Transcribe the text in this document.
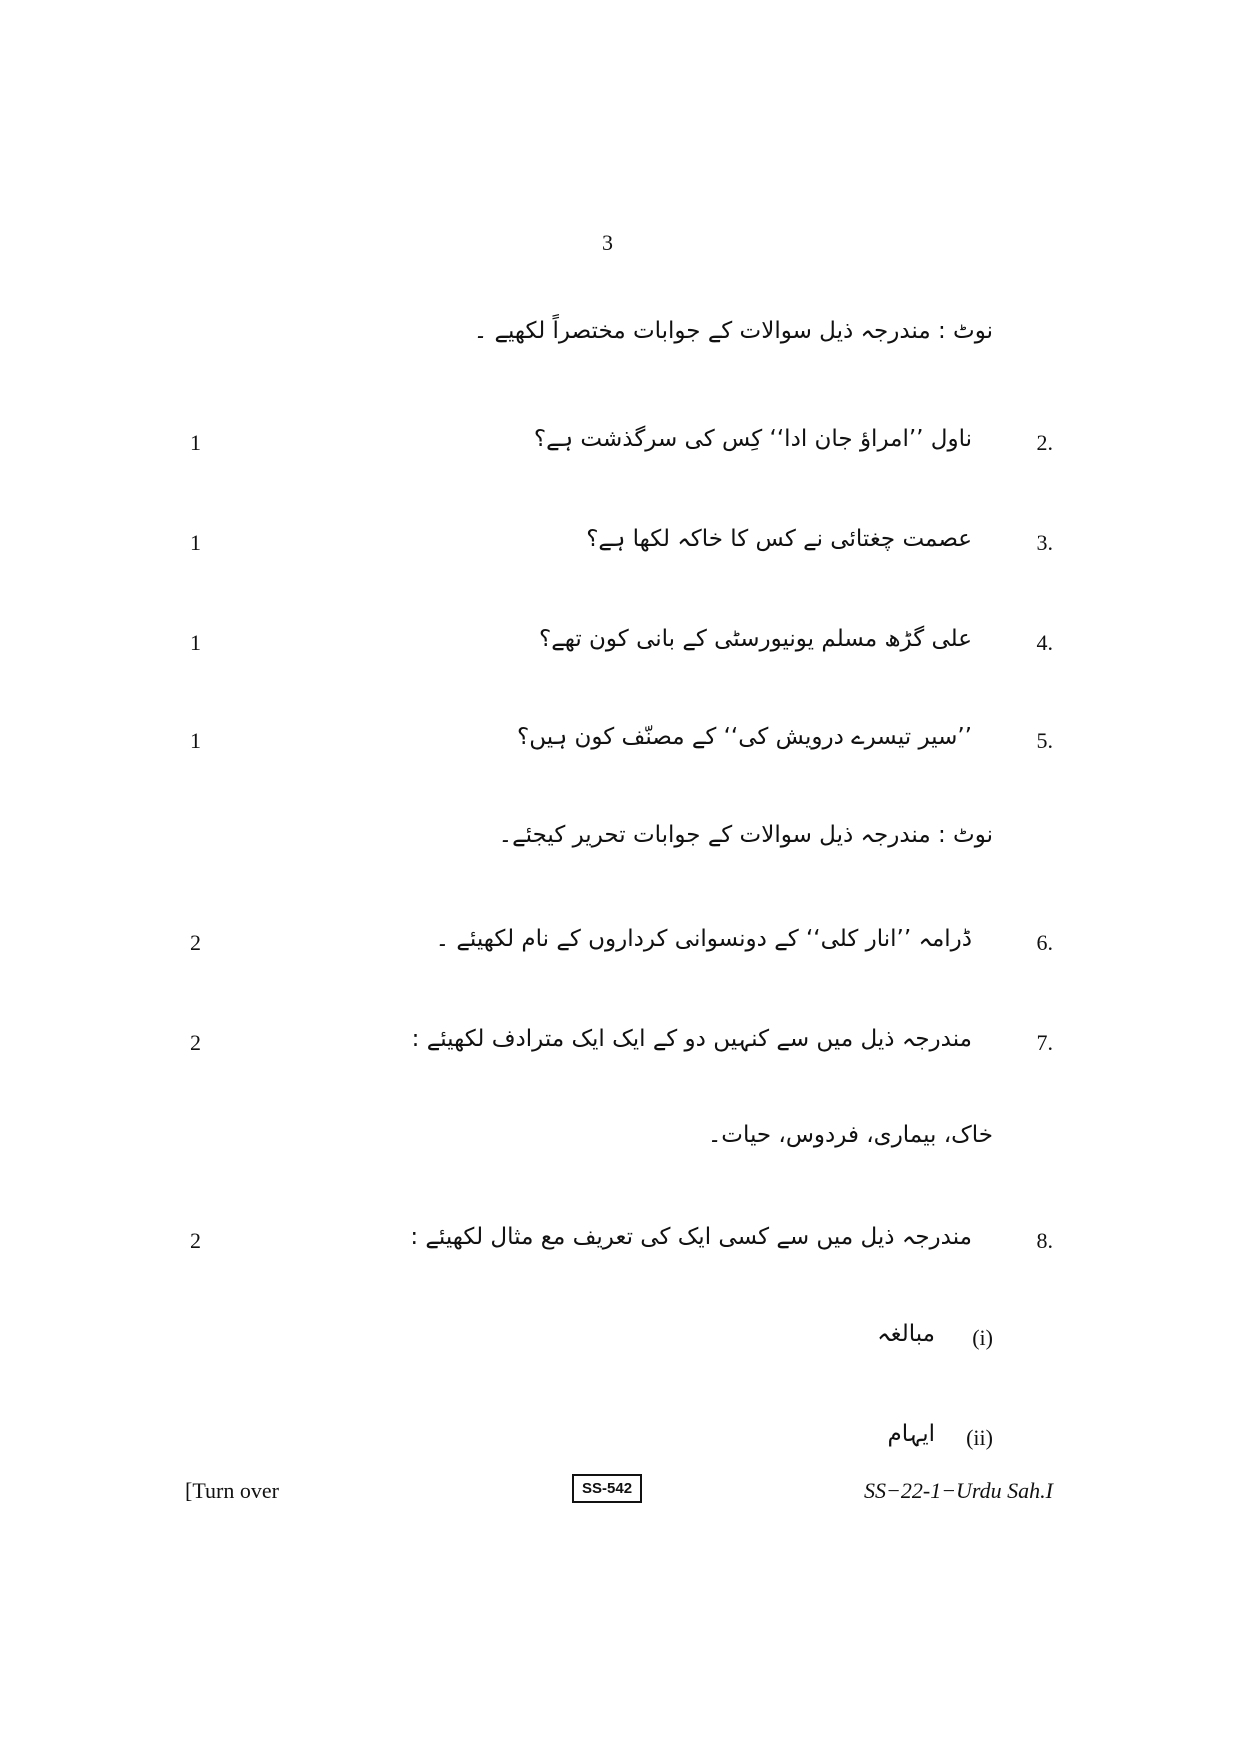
3
نوٹ : مندرجہ ذیل سوالات کے جوابات مختصراً لکھیے ۔
2.
ناول ’’امراؤ جان ادا‘‘ کِس کی سرگذشت ہے؟
1
3.
عصمت چغتائی نے کس کا خاکہ لکھا ہے؟
1
4.
علی گڑھ مسلم یونیورسٹی کے بانی کون تھے؟
1
5.
’’سیر تیسرے درویش کی‘‘ کے مصنّف کون ہیں؟
1
نوٹ : مندرجہ ذیل سوالات کے جوابات تحریر کیجئے۔
6.
ڈرامہ ’’انار کلی‘‘ کے دونسوانی کرداروں کے نام لکھیئے ۔
2
7.
مندرجہ ذیل میں سے کنہیں دو کے ایک ایک مترادف لکھیئے :
2
خاک، بیماری، فردوس، حیات۔
8.
مندرجہ ذیل میں سے کسی ایک کی تعریف مع مثال لکھیئے :
2
(i)
مبالغہ
(ii)
ایہام
[Turn over	SS-542	SS−22-1−Urdu Sah.I
